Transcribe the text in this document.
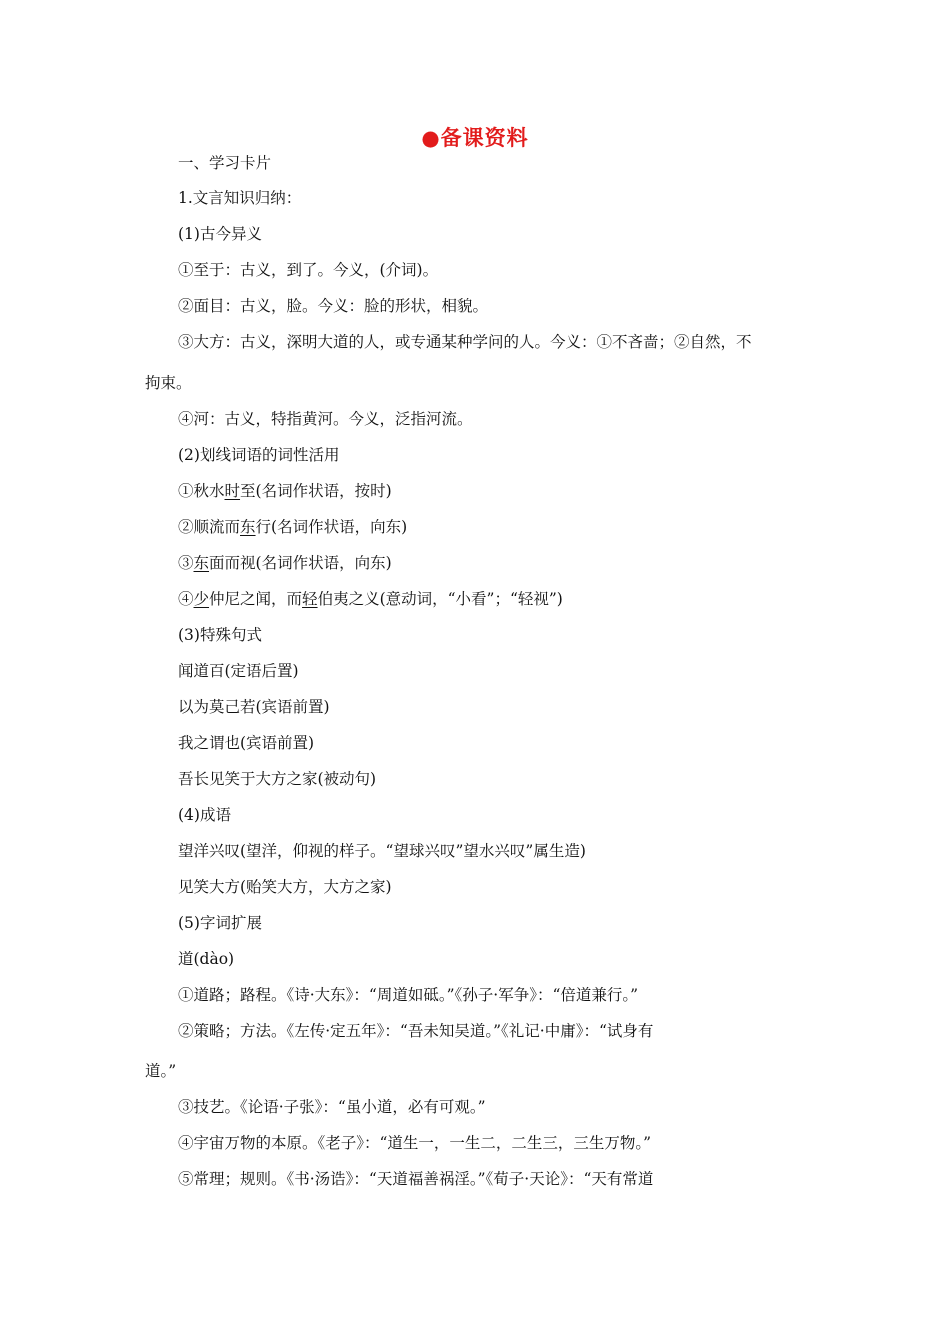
●备课资料
一、学习卡片
1.文言知识归纳：
(1)古今异义
①至于：古义，到了。今义，(介词)。
②面目：古义，脸。今义：脸的形状，相貌。
③大方：古义，深明大道的人，或专通某种学问的人。今义：①不吝啬；②自然，不
拘束。
④河：古义，特指黄河。今义，泛指河流。
(2)划线词语的词性活用
①秋水时至(名词作状语，按时)
②顺流而东行(名词作状语，向东)
③东面而视(名词作状语，向东)
④少仲尼之闻，而轻伯夷之义(意动词，“小看”；“轻视”)
(3)特殊句式
闻道百(定语后置)
以为莫己若(宾语前置)
我之谓也(宾语前置)
吾长见笑于大方之家(被动句)
(4)成语
望洋兴叹(望洋，仰视的样子。“望球兴叹”望水兴叹”属生造)
见笑大方(贻笑大方，大方之家)
(5)字词扩展
道(dào)
①道路；路程。《诗·大东》：“周道如砥。”《孙子·军争》：“倍道兼行。”
②策略；方法。《左传·定五年》：“吾未知吴道。”《礼记·中庸》：“试身有
道。”
③技艺。《论语·子张》：“虽小道，必有可观。”
④宇宙万物的本原。《老子》：“道生一，一生二，二生三，三生万物。”
⑤常理；规则。《书·汤诰》：“天道福善祸淫。”《荀子·天论》：“天有常道
